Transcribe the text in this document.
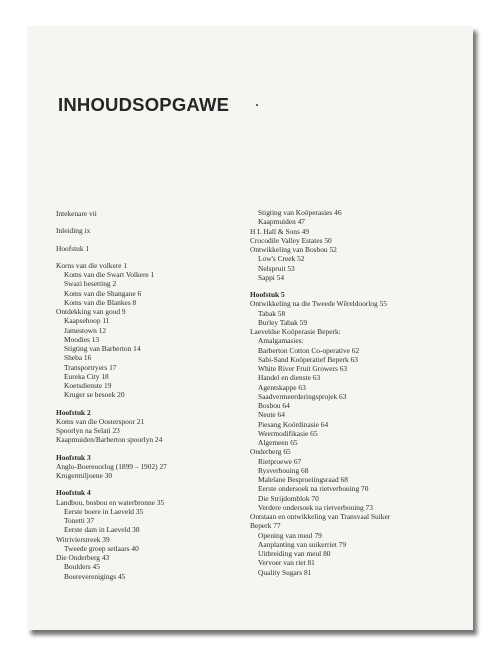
INHOUDSOPGAWE
Intekenare vii
Inleiding ix
Hoofstuk 1
Korns van die volkere 1
Koms van die Swart Volkere 1
Swazi besetting 2
Koms van die Shangane 6
Koms van die Blankes 8
Ontdekking van goud 9
Kaapsehoop 11
Jamestown 12
Moodies 13
Stigting van Barberton 14
Sheba 16
Transportryers 17
Eureka City 18
Koetsdienste 19
Kruger se besoek 20
Hoofstuk 2
Koms van die Oosterspoor 21
Spoorlyn na Selati 23
Kaapmuiden/Barberton spoorlyn 24
Hoofstuk 3
Anglo-Boereoorlog (1899 – 1902) 27
Krugermiljoene 30
Hoofstuk 4
Landbou, bosbou en waterbronne 35
Eerste boere in Laeveld 35
Tonetti 37
Eerste dam in Laeveld 38
Witrivierstreek 39
Tweede groep setlaars 40
Die Onderberg 43
Boulders 45
Boereverenigings 45
Stigting van Koöperasies 46
Kaapmuiden 47
H L Hall & Sons 49
Crocodile Valley Estates 50
Ontwikkeling van Bosbou 52
Low's Creek 52
Nelspruit 53
Sappi 54
Hoofstuk 5
Ontwikkeling na die Tweede Wêreldoorlog 55
Tabak 58
Burley Tabak 59
Laeveldse Koöperasie Beperk:
Amalgamasies:
Barberton Cotton Co-operative 62
Sabi-Sand Koöperatief Beperk 63
White River Fruit Growers 63
Handel en dienste 63
Agentskappe 63
Saadvermeerderingsprojek 63
Bosbou 64
Neute 64
Piesang Koördinasie 64
Weermodifikasie 65
Algemeen 65
Onderberg 65
Rietproewe 67
Rysverbouing 68
Malelane Besproeiingsraad 68
Eerste ondersoek na rietverbouing 70
Die Strijdomblok 70
Verdere ondersoek na rietverbouing 73
Ontstaan en ontwikkeling van Transvaal Suiker
Beperk 77
Opening van meul 79
Aanplanting van suikerriet 79
Uitbreiding van meul 80
Vervoer van riet 81
Quality Sugars 81
